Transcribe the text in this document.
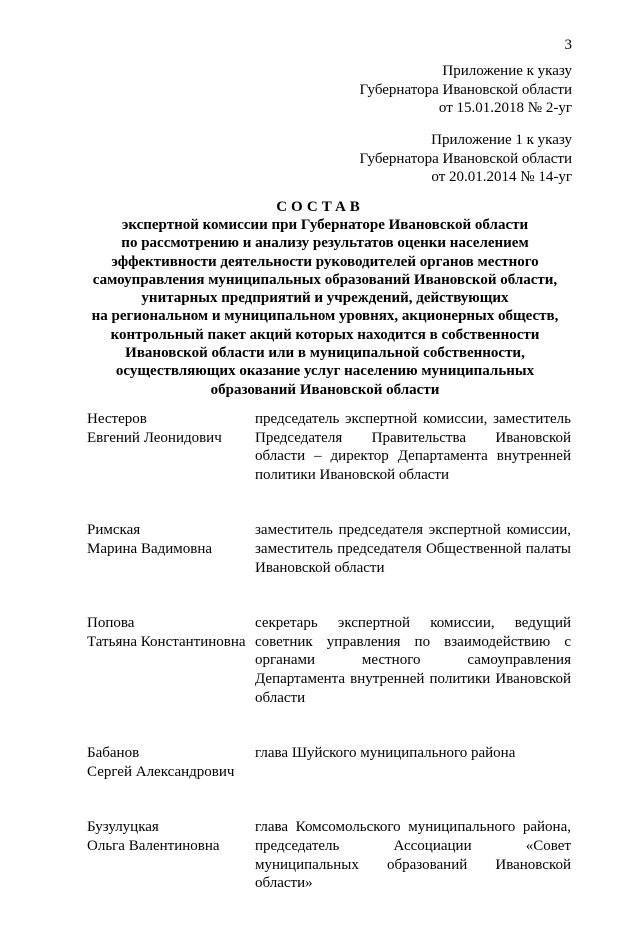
3
Приложение к указу
Губернатора Ивановской области
от 15.01.2018 № 2-уг
Приложение 1 к указу
Губернатора Ивановской области
от 20.01.2014 № 14-уг
СОСТАВ
экспертной комиссии при Губернаторе Ивановской области
по рассмотрению и анализу результатов оценки населением
эффективности деятельности руководителей органов местного
самоуправления муниципальных образований Ивановской области,
унитарных предприятий и учреждений, действующих
на региональном и муниципальном уровнях, акционерных обществ,
контрольный пакет акций которых находится в собственности
Ивановской области или в муниципальной собственности,
осуществляющих оказание услуг населению муниципальных
образований Ивановской области
Нестеров
Евгений Леонидович
председатель экспертной комиссии, заместитель Председателя Правительства Ивановской области – директор Департамента внутренней политики Ивановской области
Римская
Марина Вадимовна
заместитель председателя экспертной комиссии, заместитель председателя Общественной палаты Ивановской области
Попова
Татьяна Константиновна
секретарь экспертной комиссии, ведущий советник управления по взаимодействию с органами местного самоуправления Департамента внутренней политики Ивановской области
Бабанов
Сергей Александрович
глава Шуйского муниципального района
Бузулуцкая
Ольга Валентиновна
глава Комсомольского муниципального района, председатель Ассоциации «Совет муниципальных образований Ивановской области»
